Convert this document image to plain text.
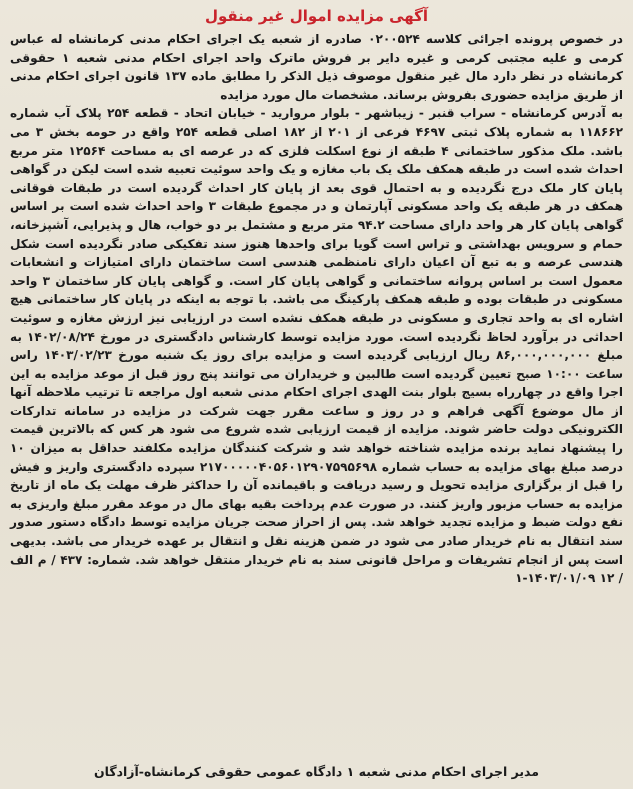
آگهی مزایده اموال غیر منقول

در خصوص پرونده اجرائی کلاسه ۰۲۰۰۵۲۴ صادره از شعبه یک اجرای احکام مدنی کرمانشاه له عباس کرمی و علیه مجتبی کرمی و غیره دایر بر فروش ماترک واحد اجرای احکام مدنی شعبه ۱ حقوقی کرمانشاه در نظر دارد مال غیر منقول موصوف ذیل الذکر را مطابق ماده ۱۳۷ قانون اجرای احکام مدنی از طریق مزایده حضوری بفروش برساند. مشخصات مال مورد مزایده

به آدرس کرمانشاه - سراب قنبر - زیباشهر - بلوار مروارید - خیابان اتحاد - قطعه ۲۵۴ پلاک آب شماره ۱۱۸۶۶۲ به شماره پلاک ثبتی ۴۶۹۷ فرعی از ۲۰۱ از ۱۸۲ اصلی قطعه ۲۵۴ واقع در حومه بخش ۳ می باشد. ملک مذکور ساختمانی ۴ طبقه از نوع اسکلت فلزی که در عرصه ای به مساحت ۱۲۵۶۴ متر مربع احداث شده است در طبقه همکف ملک یک باب مغازه و یک واحد سوئیت تعبیه شده است لیکن در گواهی پایان کار ملک درج نگردیده و به احتمال قوی بعد از پایان کار احداث گردیده است در طبقات فوقانی همکف در هر طبقه یک واحد مسکونی آپارتمان و در مجموع طبقات ۳ واحد احداث شده است بر اساس گواهی پایان کار هر واحد دارای مساحت ۹۴.۲ متر مربع و مشتمل بر دو خواب، هال و پذیرایی، آشپزخانه، حمام و سرویس بهداشتی و تراس است گویا برای واحدها هنوز سند تفکیکی صادر نگردیده است شکل هندسی عرصه و به تبع آن اعیان دارای نامنظمی هندسی است ساختمان دارای امتیازات و انشعابات معمول است بر اساس پروانه ساختمانی و گواهی پایان کار است. و گواهی پایان کار ساختمان ۳ واحد مسکونی در طبقات بوده و طبقه همکف پارکینگ می باشد. با توجه به اینکه در پایان کار ساختمانی هیچ اشاره ای به واحد تجاری و مسکونی در طبقه همکف نشده است در ارزیابی نیز ارزش مغازه و سوئیت احداثی در برآورد لحاظ نگردیده است. مورد مزایده توسط کارشناس دادگستری در مورخ ۱۴۰۲/۰۸/۲۴ به مبلغ ۸۶,۰۰۰,۰۰۰,۰۰۰ ریال ارزیابی گردیده است و مزایده برای روز یک شنبه مورخ ۱۴۰۳/۰۲/۲۳ راس ساعت ۱۰:۰۰ صبح تعیین گردیده است طالبین و خریداران می توانند پنج روز قبل از موعد مزایده به این اجرا واقع در چهارراه بسیج بلوار بنت الهدی اجرای احکام مدنی شعبه اول مراجعه تا ترتیب ملاحظه آنها از مال موضوع آگهی فراهم و در روز و ساعت مقرر جهت شرکت در مزایده در سامانه تدارکات الکترونیکی دولت حاضر شوند. مزایده از قیمت ارزیابی شده شروع می شود هر کس که بالاترین قیمت را پیشنهاد نماید برنده مزایده شناخته خواهد شد و شرکت کنندگان مزایده مکلفند حداقل به میزان ۱۰ درصد مبلغ بهای مزایده به حساب شماره ۲۱۷۰۰۰۰۰۴۰۵۶۰۱۲۹۰۷۵۹۵۶۹۸ سپرده دادگستری واریز و فیش را قبل از برگزاری مزایده تحویل و رسید دریافت و باقیمانده آن را حداکثر ظرف مهلت یک ماه از تاریخ مزایده به حساب مزبور واریز کنند. در صورت عدم پرداخت بقیه بهای مال در موعد مقرر مبلغ واریزی به نفع دولت ضبط و مزایده تجدید خواهد شد. پس از احراز صحت جریان مزایده توسط دادگاه دستور صدور سند انتقال به نام خریدار صادر می شود در ضمن هزینه نقل و انتقال بر عهده خریدار می باشد. بدیهی است پس از انجام تشریفات و مراحل قانونی سند به نام خریدار منتقل خواهد شد. شماره: ۴۳۷ / م الف / ۱۲ ۱۴۰۳/۰۱/۰۹-۱

مدیر اجرای احکام مدنی شعبه ۱ دادگاه عمومی حقوقی کرمانشاه-آزادگان
